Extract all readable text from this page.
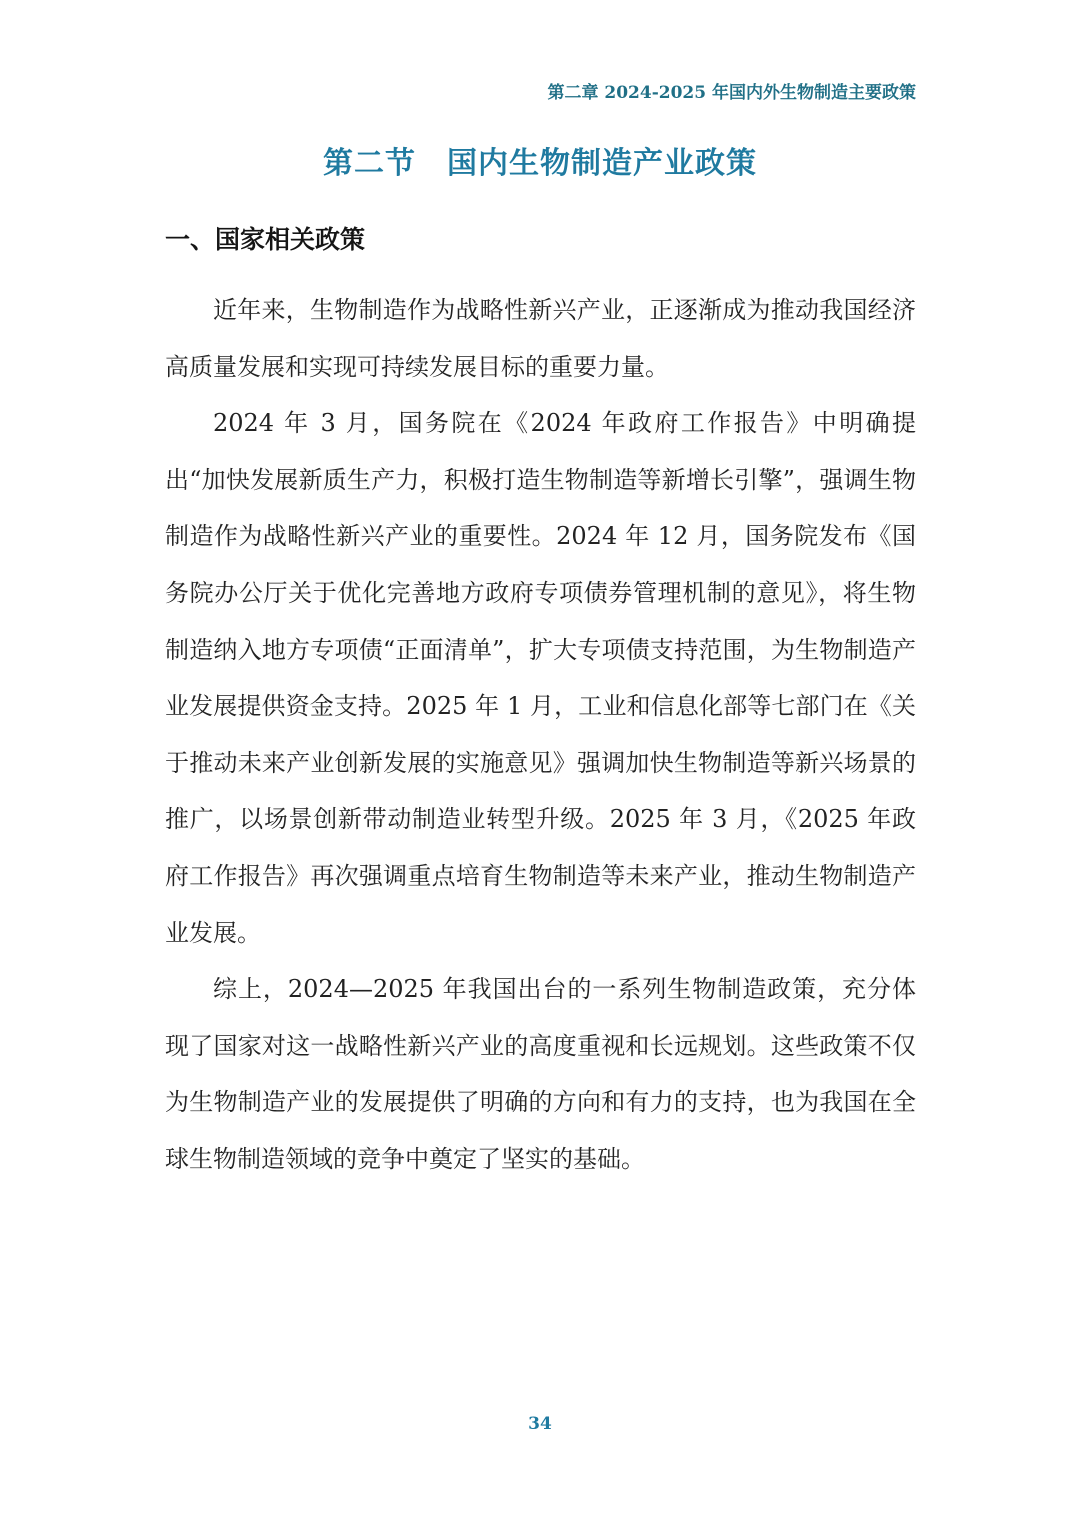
第二章 2024-2025 年国内外生物制造主要政策
第二节　国内生物制造产业政策
一、国家相关政策

近年来，生物制造作为战略性新兴产业，正逐渐成为推动我国经济高质量发展和实现可持续发展目标的重要力量。

2024 年 3 月，国务院在《2024 年政府工作报告》中明确提出“加快发展新质生产力，积极打造生物制造等新增长引擎”，强调生物制造作为战略性新兴产业的重要性。2024 年 12 月，国务院发布《国务院办公厅关于优化完善地方政府专项债券管理机制的意见》，将生物制造纳入地方专项债“正面清单”，扩大专项债支持范围，为生物制造产业发展提供资金支持。2025 年 1 月，工业和信息化部等七部门在《关于推动未来产业创新发展的实施意见》强调加快生物制造等新兴场景的推广，以场景创新带动制造业转型升级。2025 年 3 月，《2025 年政府工作报告》再次强调重点培育生物制造等未来产业，推动生物制造产业发展。

综上，2024—2025 年我国出台的一系列生物制造政策，充分体现了国家对这一战略性新兴产业的高度重视和长远规划。这些政策不仅为生物制造产业的发展提供了明确的方向和有力的支持，也为我国在全球生物制造领域的竞争中奠定了坚实的基础。

34
